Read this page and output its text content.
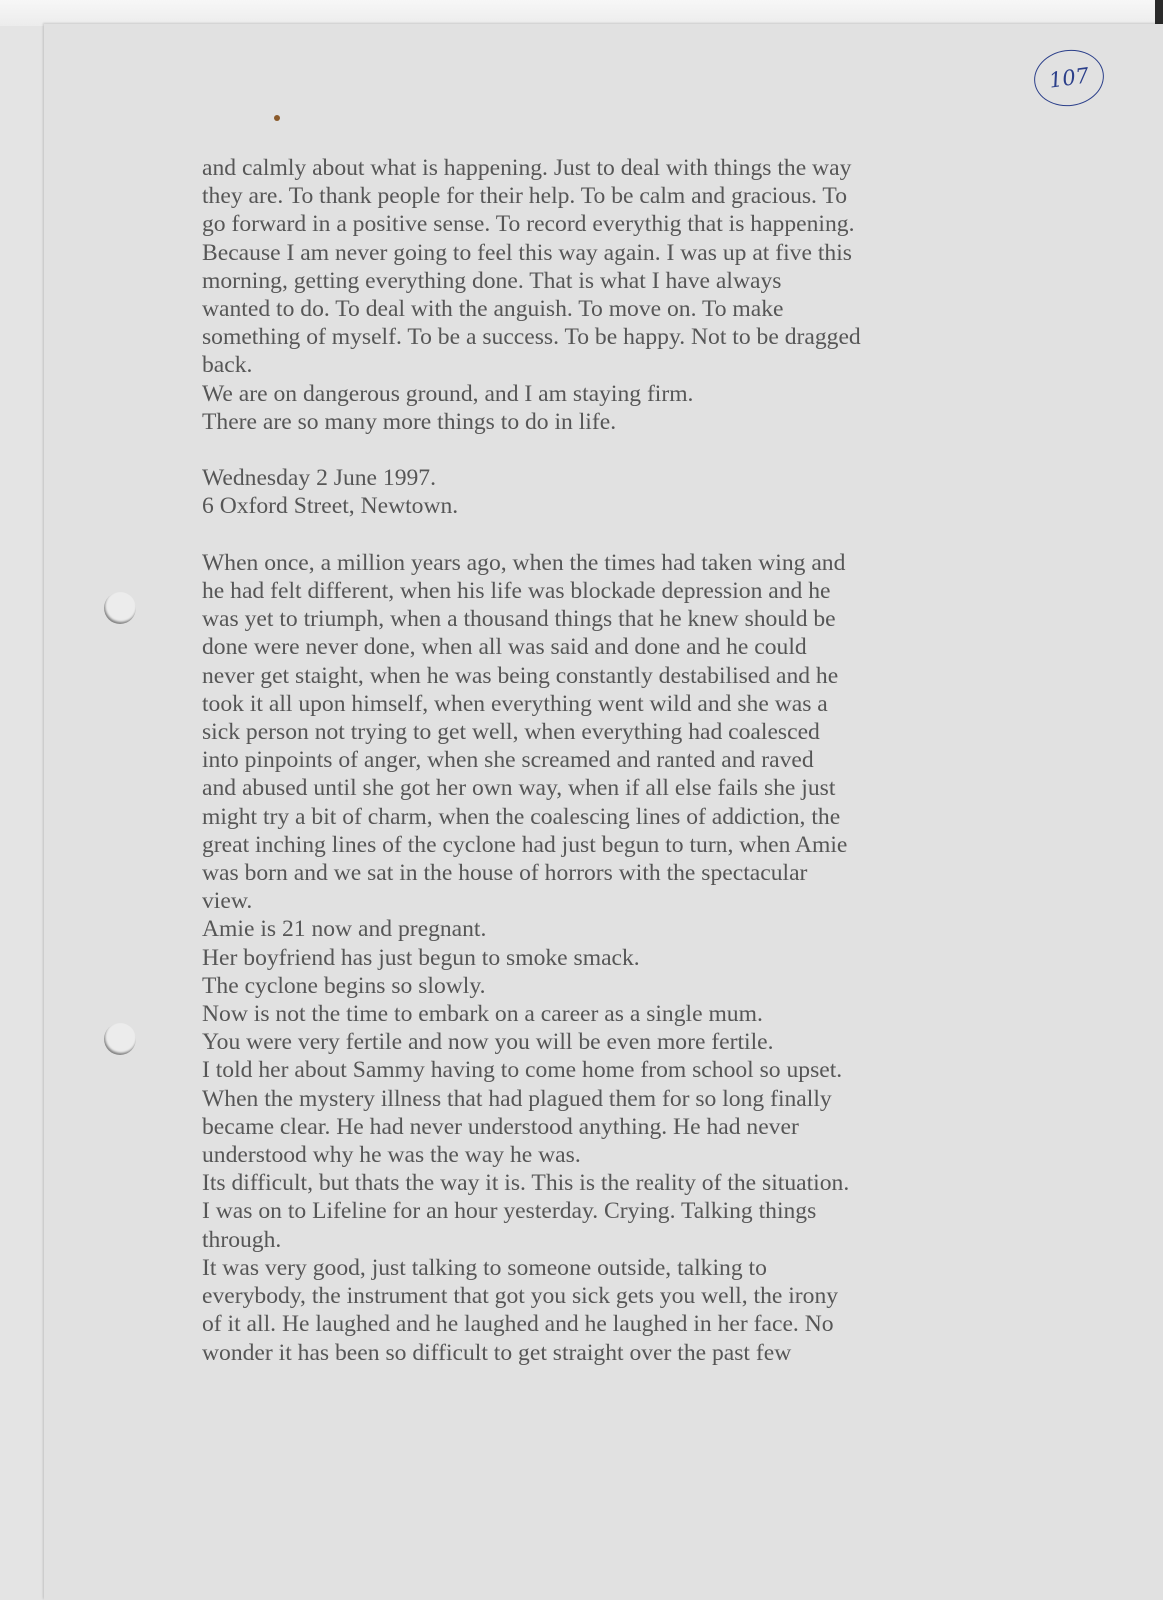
107
and calmly about what is happening. Just to deal with things the way
they are. To thank people for their help. To be calm and gracious. To
go forward in a positive sense. To record everythig that is happening.
Because I am never going to feel this way again. I was up at five this
morning, getting everything done. That is what I have always
wanted to do. To deal with the anguish. To move on. To make
something of myself. To be a success. To be happy. Not to be dragged
back.
We are on dangerous ground, and I am staying firm.
There are so many more things to do in life.
Wednesday 2 June 1997.
6 Oxford Street, Newtown.
When once, a million years ago, when the times had taken wing and
he had felt different, when his life was blockade depression and he
was yet to triumph, when a thousand things that he knew should be
done were never done, when all was said and done and he could
never get staight, when he was being constantly destabilised and he
took it all upon himself, when everything went wild and she was a
sick person not trying to get well, when everything had coalesced
into pinpoints of anger, when she screamed and ranted and raved
and abused until she got her own way, when if all else fails she just
might try a bit of charm, when the coalescing lines of addiction, the
great inching lines of the cyclone had just begun to turn, when Amie
was born and we sat in the house of horrors with the spectacular
view.
Amie is 21 now and pregnant.
Her boyfriend has just begun to smoke smack.
The cyclone begins so slowly.
Now is not the time to embark on a career as a single mum.
You were very fertile and now you will be even more fertile.
I told her about Sammy having to come home from school so upset.
When the mystery illness that had plagued them for so long finally
became clear. He had never understood anything. He had never
understood why he was the way he was.
Its difficult, but thats the way it is. This is the reality of the situation.
I was on to Lifeline for an hour yesterday. Crying. Talking things
through.
It was very good, just talking to someone outside, talking to
everybody, the instrument that got you sick gets you well, the irony
of it all. He laughed and he laughed and he laughed in her face. No
wonder it has been so difficult to get straight over the past few
